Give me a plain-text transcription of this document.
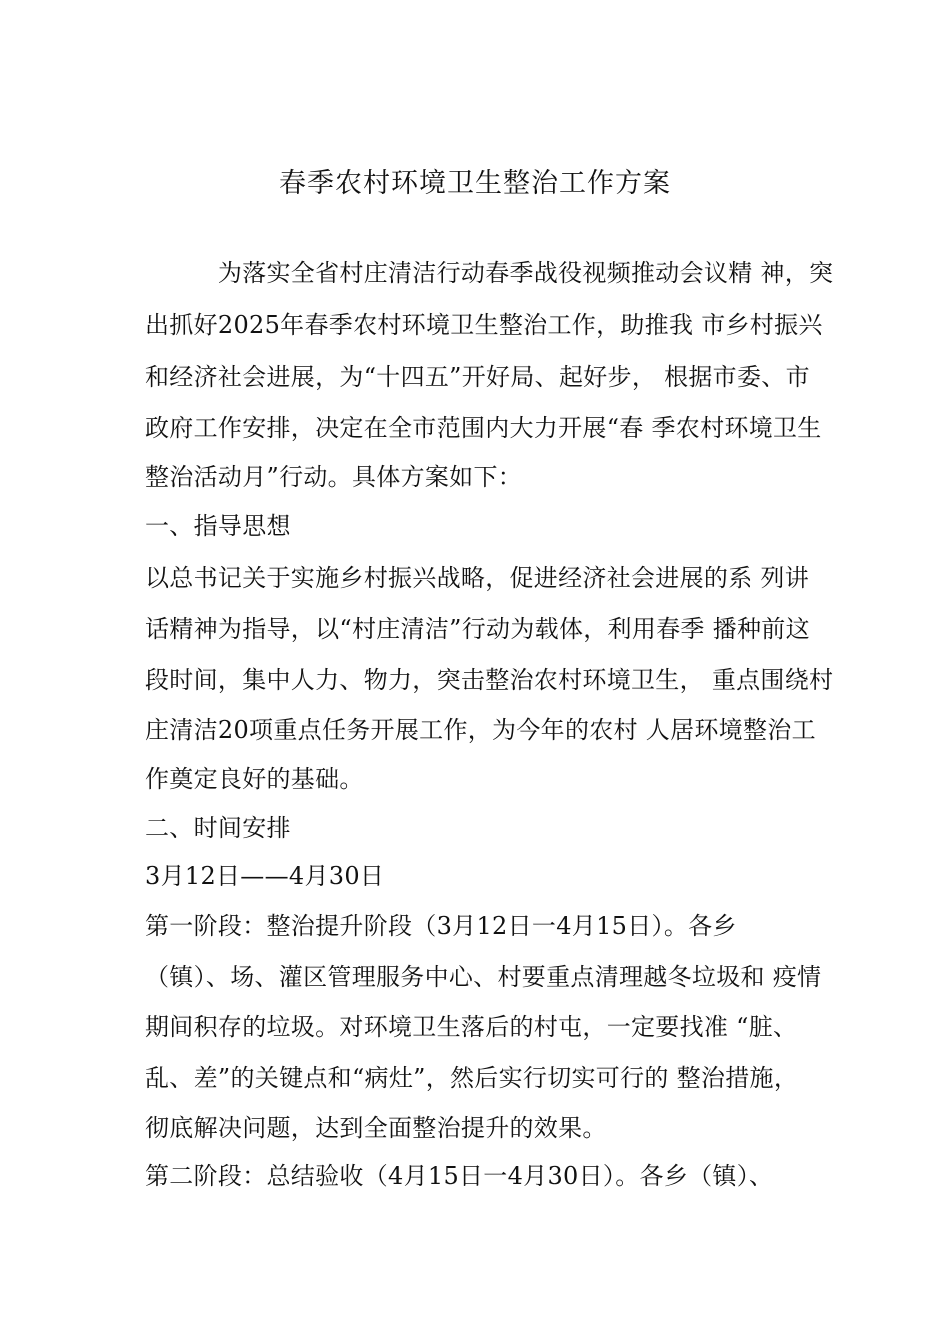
春季农村环境卫生整治工作方案

　　　为落实全省村庄清洁行动春季战役视频推动会议精 神，突

出抓好2025年春季农村环境卫生整治工作，助推我 市乡村振兴

和经济社会进展，为“十四五”开好局、起好步， 根据市委、市

政府工作安排，决定在全市范围内大力开展“春 季农村环境卫生

整治活动月”行动。具体方案如下：

一、指导思想

以总书记关于实施乡村振兴战略，促进经济社会进展的系 列讲

话精神为指导，以“村庄清洁”行动为载体，利用春季 播种前这

段时间，集中人力、物力，突击整治农村环境卫生， 重点围绕村

庄清洁20项重点任务开展工作，为今年的农村 人居环境整治工

作奠定良好的基础。

二、时间安排

3月12日——4月30日

第一阶段：整治提升阶段（3月12日一4月15日）。各乡

（镇）、场、灌区管理服务中心、村要重点清理越冬垃圾和 疫情

期间积存的垃圾。对环境卫生落后的村屯，一定要找准 “脏、

乱、差”的关键点和“病灶”，然后实行切实可行的 整治措施，

彻底解决问题，达到全面整治提升的效果。

第二阶段：总结验收（4月15日一4月30日）。各乡（镇）、
